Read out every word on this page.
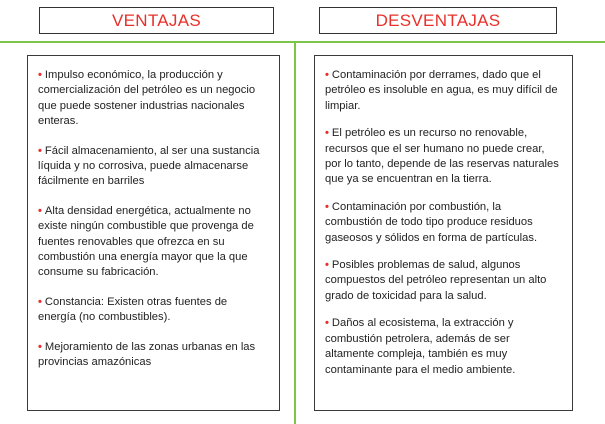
VENTAJAS	DESVENTAJAS
• Impulso económico, la producción y comercialización del petróleo es un negocio que puede sostener industrias nacionales enteras.
• Fácil almacenamiento, al ser una sustancia líquida y no corrosiva, puede almacenarse fácilmente en barriles
• Alta densidad energética, actualmente no existe ningún combustible que provenga de fuentes renovables que ofrezca en su combustión una energía mayor que la que consume su fabricación.
• Constancia: Existen otras fuentes de energía (no combustibles).
• Mejoramiento de las zonas urbanas en las provincias amazónicas
• Contaminación por derrames, dado que el petróleo es insoluble en agua, es muy difícil de limpiar.
• El petróleo es un recurso no renovable, recursos que el ser humano no puede crear, por lo tanto, depende de las reservas naturales que ya se encuentran en la tierra.
• Contaminación por combustión, la combustión de todo tipo produce residuos gaseosos y sólidos en forma de partículas.
• Posibles problemas de salud, algunos compuestos del petróleo representan un alto grado de toxicidad para la salud.
• Daños al ecosistema, la extracción y combustión petrolera, además de ser altamente compleja, también es muy contaminante para el medio ambiente.
